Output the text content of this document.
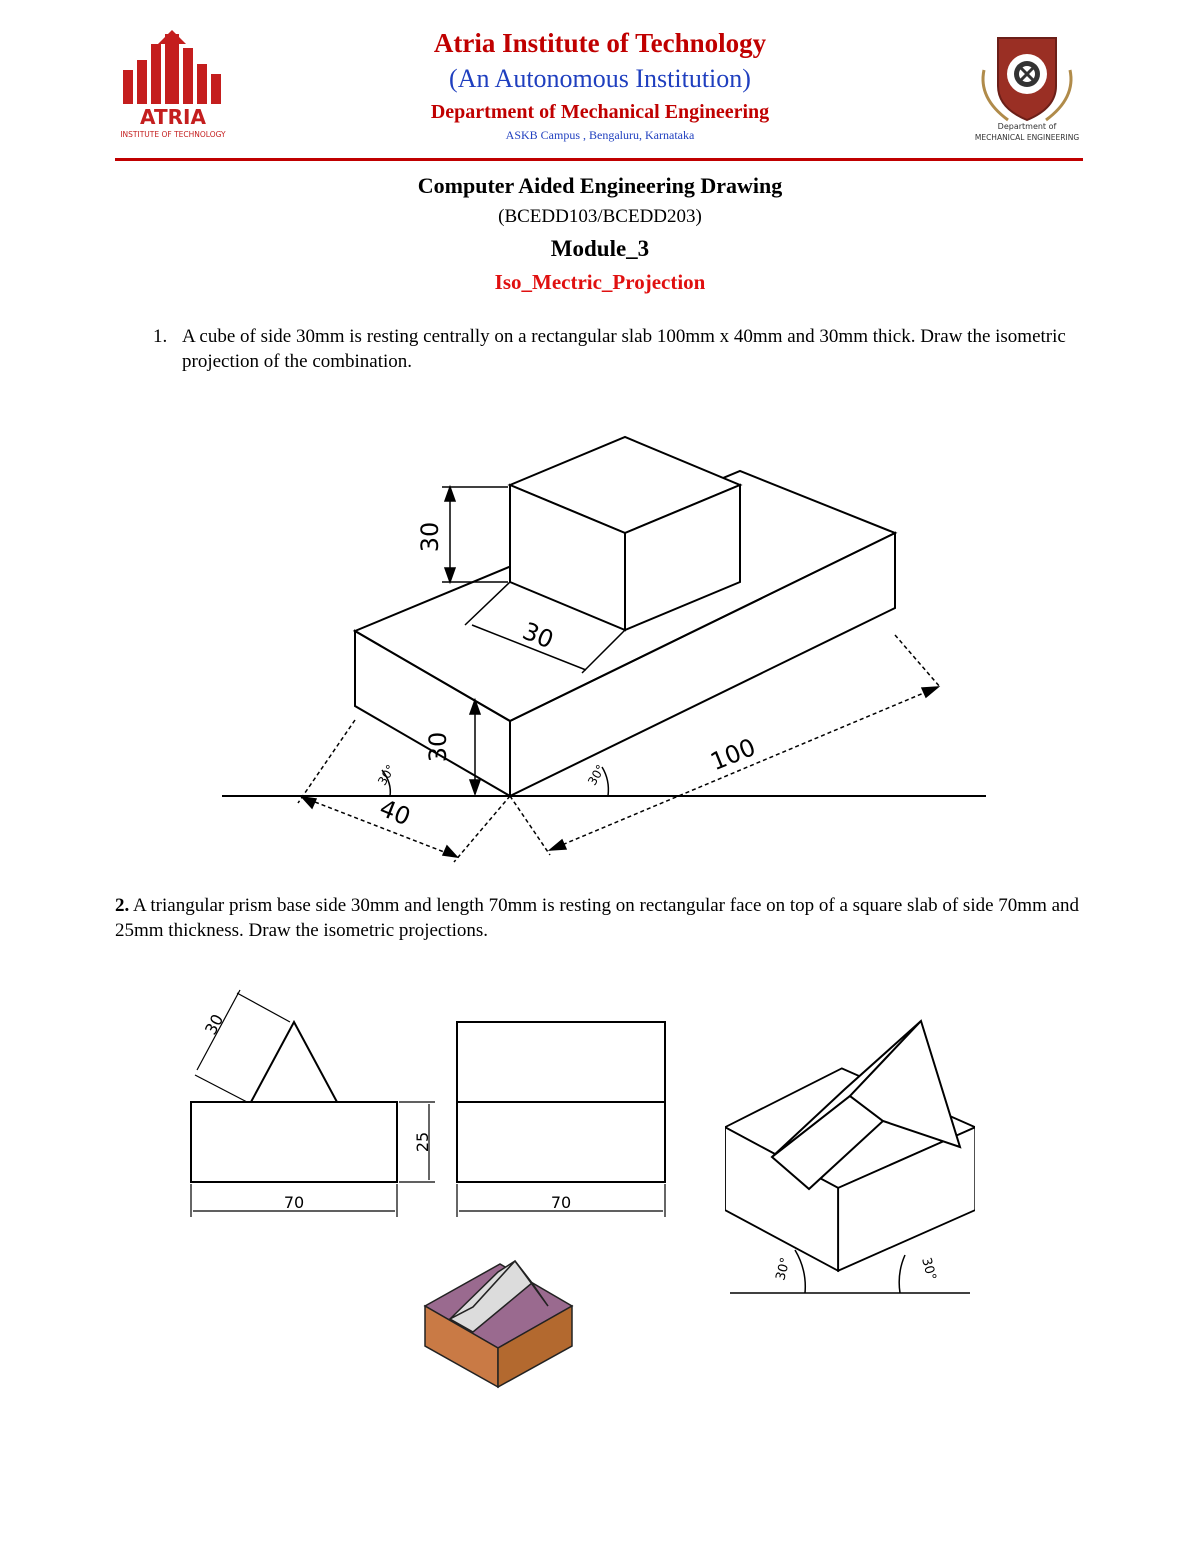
ATRIA
INSTITUTE OF TECHNOLOGY
Department of
MECHANICAL ENGINEERING
Atria Institute of Technology
(An Autonomous Institution)
Department of Mechanical Engineering
ASKB Campus , Bengaluru, Karnataka
Computer Aided Engineering Drawing
(BCEDD103/BCEDD203)
Module_3
Iso_Mectric_Projection
1. A cube of side 30mm is resting centrally on a rectangular slab 100mm x 40mm and 30mm thick. Draw the isometric projection of the combination.
30
30
30
40
100
30°	30°
2. A triangular prism base side 30mm and length 70mm is resting on rectangular face on top of a square slab of side 70mm and 25mm thickness. Draw the isometric projections.
30
25
70	70
30°	30°
